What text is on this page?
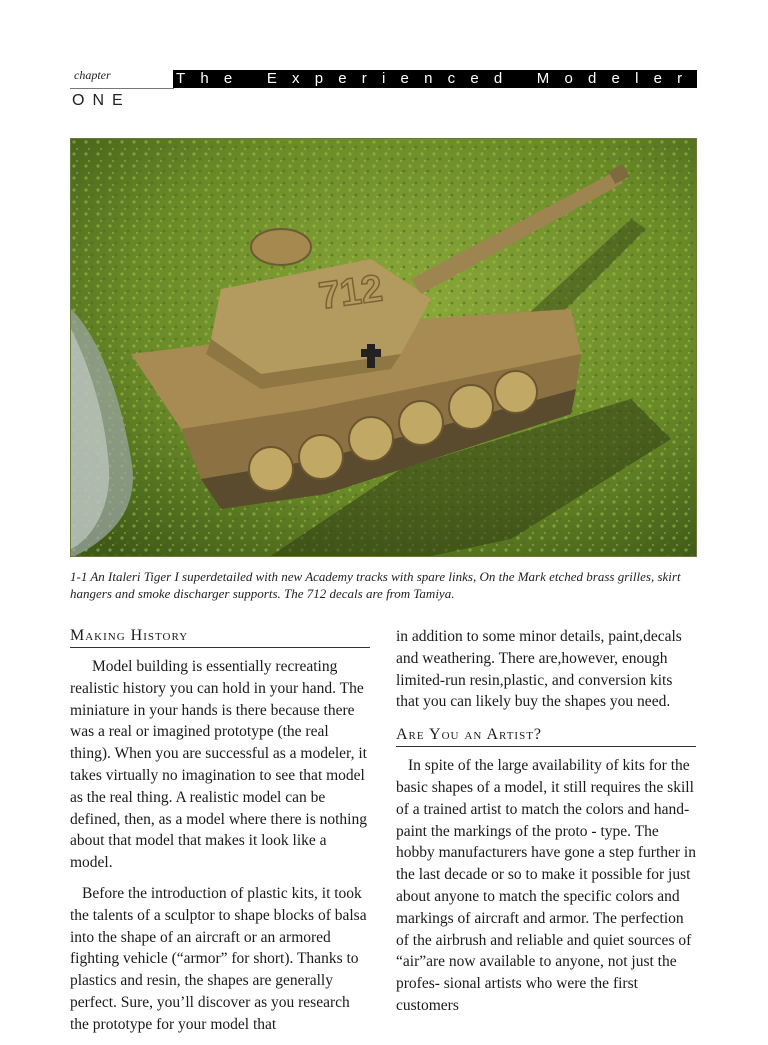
chapter	The Experienced Modeler
ONE
712
1-1 An Italeri Tiger I superdetailed with new Academy tracks with spare links, On the Mark etched brass grilles, skirt hangers and smoke discharger supports. The 712 decals are from Tamiya.
Making History

Model building is essentially recreating realistic history you can hold in your hand. The miniature in your hands is there because there was a real or imagined prototype (the real thing). When you are successful as a modeler, it takes virtually no imagination to see that model as the real thing. A realistic model can be defined, then, as a model where there is nothing about that model that makes it look like a model.

Before the introduction of plastic kits, it took the talents of a sculptor to shape blocks of balsa into the shape of an aircraft or an armored fighting vehicle (“armor” for short). Thanks to plastics and resin, the shapes are generally perfect. Sure, you’ll discover as you research the prototype for your model that

in addition to some minor details, paint,decals and weathering. There are,however, enough limited-run resin,plastic, and conversion kits that you can likely buy the shapes you need.

Are You an Artist?

In spite of the large availability of kits for the basic shapes of a model, it still requires the skill of a trained artist to match the colors and hand-paint the markings of the proto - type. The hobby manufacturers have gone a step further in the last decade or so to make it possible for just about anyone to match the specific colors and markings of aircraft and armor. The perfection of the airbrush and reliable and quiet sources of “air”are now available to anyone, not just the profes- sional artists who were the first customers
